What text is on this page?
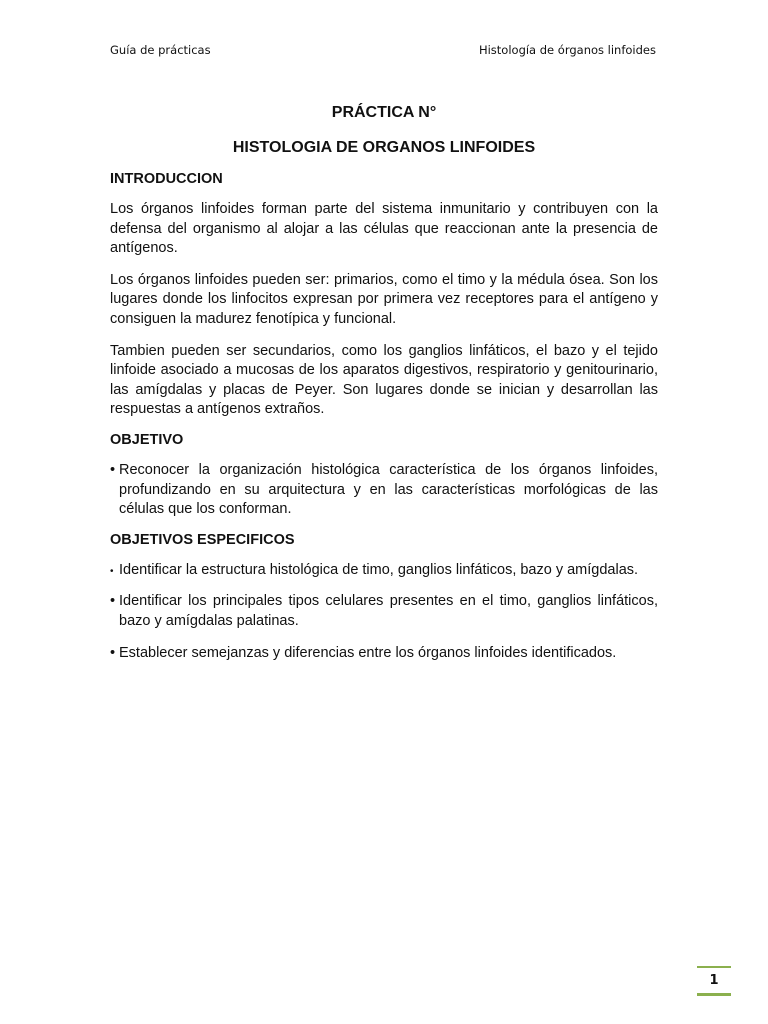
Guía de prácticas	Histología de órganos linfoides
PRÁCTICA N°
HISTOLOGIA DE ORGANOS LINFOIDES
INTRODUCCION

Los órganos linfoides forman parte del sistema inmunitario y contribuyen con la defensa del organismo al alojar a las células que reaccionan ante la presencia de antígenos.

Los órganos linfoides pueden ser: primarios, como el timo y la médula ósea. Son los lugares donde los linfocitos expresan por primera vez receptores para el antígeno y consiguen la madurez fenotípica y funcional.

Tambien pueden ser secundarios, como los ganglios linfáticos, el bazo y el tejido linfoide asociado a mucosas de los aparatos digestivos, respiratorio y genitourinario, las amígdalas y placas de Peyer. Son lugares donde se inician y desarrollan las respuestas a antígenos extraños.

OBJETIVO
• Reconocer la organización histológica característica de los órganos linfoides, profundizando en su arquitectura y en las características morfológicas de las células que los conforman.
OBJETIVOS ESPECIFICOS
• Identificar la estructura histológica de timo, ganglios linfáticos, bazo y amígdalas.
• Identificar los principales tipos celulares presentes en el timo, ganglios linfáticos, bazo y amígdalas palatinas.
• Establecer semejanzas y diferencias entre los órganos linfoides identificados.
1
